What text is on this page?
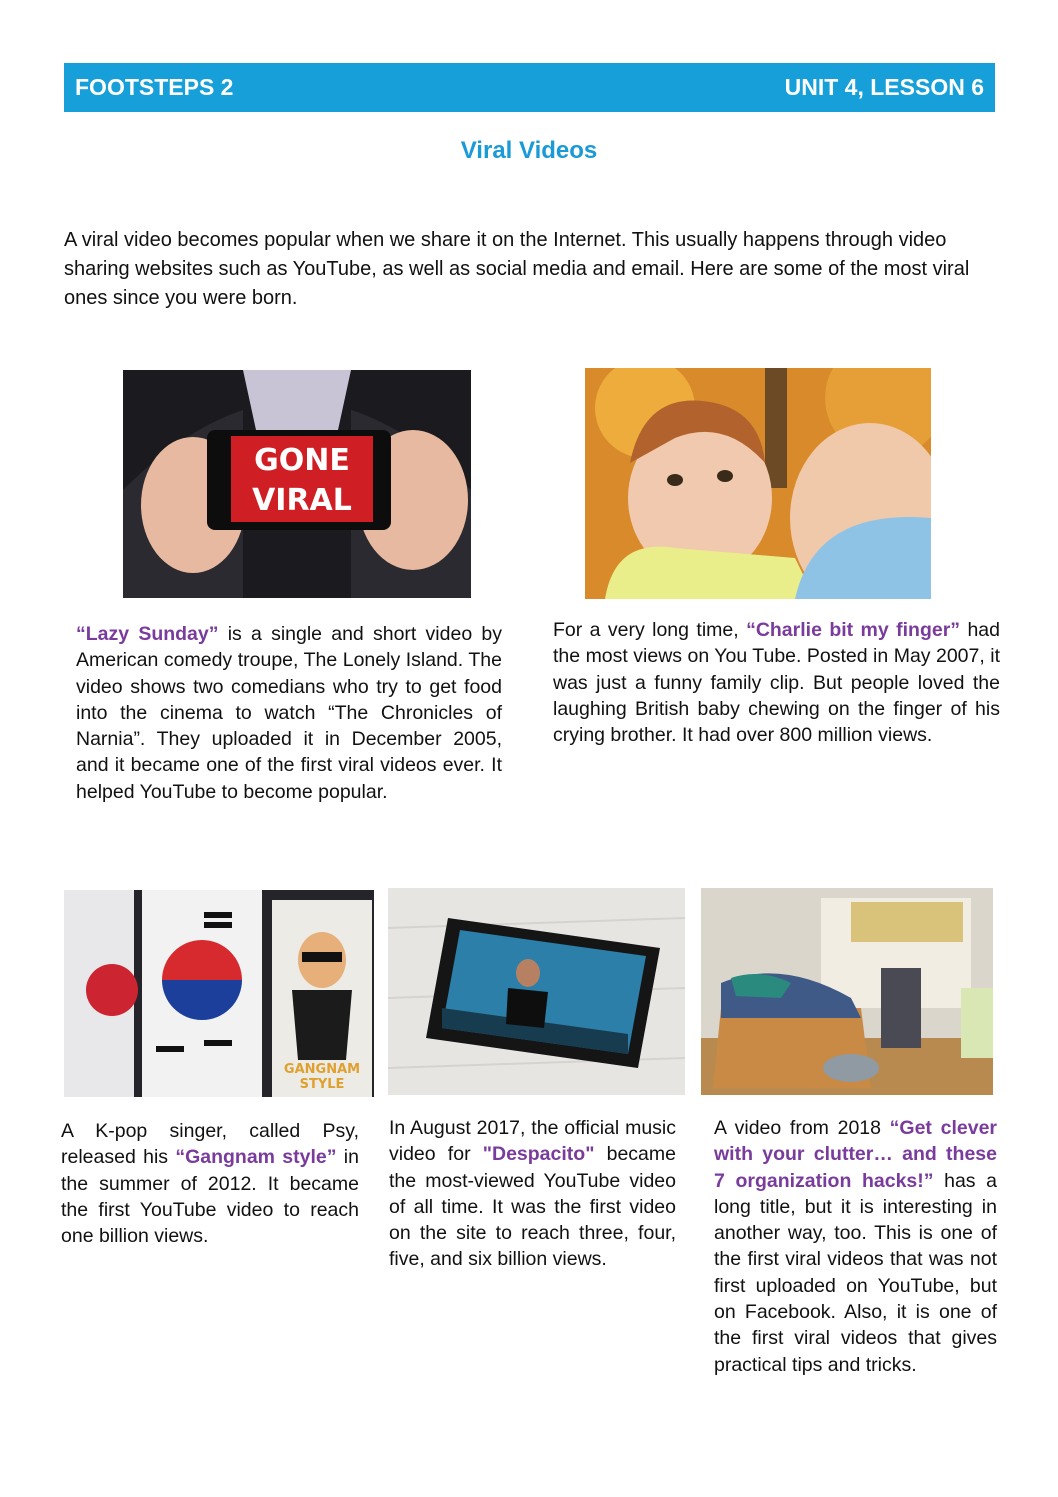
FOOTSTEPS 2	UNIT 4, LESSON 6
Viral Videos
A viral video becomes popular when we share it on the Internet. This usually happens through video sharing websites such as YouTube, as well as social media and email. Here are some of the most viral ones since you were born.
GONE
VIRAL
“Lazy Sunday” is a single and short video by American comedy troupe, The Lonely Island. The video shows two comedians who try to get food into the cinema to watch “The Chronicles of Narnia”. They uploaded it in December 2005, and it became one of the first viral videos ever. It helped YouTube to become popular.
For a very long time, “Charlie bit my finger” had the most views on You Tube. Posted in May 2007, it was just a funny family clip. But people loved the laughing British baby chewing on the finger of his crying brother. It had over 800 million views.
GANGNAM
STYLE
A K-pop singer, called Psy, released his “Gangnam style” in the summer of 2012. It became the first YouTube video to reach one billion views.
In August 2017, the official music video for "Despacito" became the most-viewed YouTube video of all time. It was the first video on the site to reach three, four, five, and six billion views.
A video from 2018 “Get clever with your clutter… and these 7 organization hacks!” has a long title, but it is interesting in another way, too. This is one of the first viral videos that was not first uploaded on YouTube, but on Facebook. Also, it is one of the first viral videos that gives practical tips and tricks.
